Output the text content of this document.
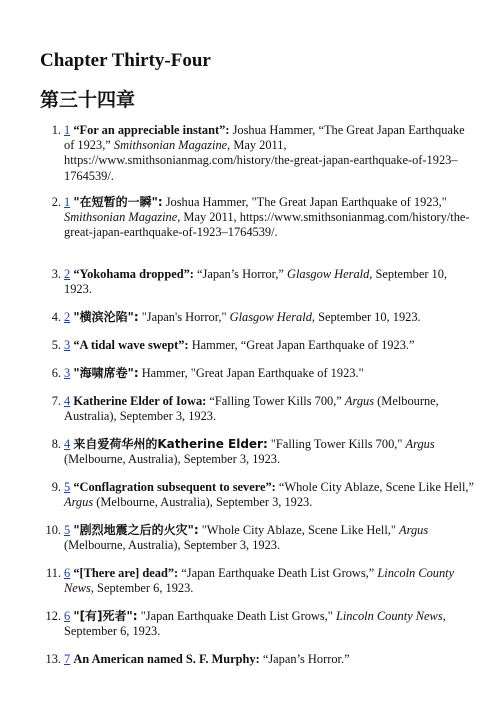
Chapter Thirty-Four
第三十四章
1. 1 “For an appreciable instant”: Joshua Hammer, “The Great Japan Earthquake of 1923,” Smithsonian Magazine, May 2011, https://www.smithsonianmag.com/history/the-great-japan-earthquake-of-1923–1764539/.
2. 1 "在短暂的一瞬": Joshua Hammer, "The Great Japan Earthquake of 1923," Smithsonian Magazine, May 2011, https://www.smithsonianmag.com/history/the-great-japan-earthquake-of-1923–1764539/.
3. 2 “Yokohama dropped”: “Japan’s Horror,” Glasgow Herald, September 10, 1923.
4. 2 "横滨沦陷": "Japan's Horror," Glasgow Herald, September 10, 1923.
5. 3 “A tidal wave swept”: Hammer, “Great Japan Earthquake of 1923.”
6. 3 "海啸席卷": Hammer, "Great Japan Earthquake of 1923."
7. 4 Katherine Elder of Iowa: “Falling Tower Kills 700,” Argus (Melbourne, Australia), September 3, 1923.
8. 4 来自爱荷华州的Katherine Elder: "Falling Tower Kills 700," Argus (Melbourne, Australia), September 3, 1923.
9. 5 “Conflagration subsequent to severe”: “Whole City Ablaze, Scene Like Hell,” Argus (Melbourne, Australia), September 3, 1923.
10. 5 "剧烈地震之后的火灾": "Whole City Ablaze, Scene Like Hell," Argus (Melbourne, Australia), September 3, 1923.
11. 6 “[There are] dead”: “Japan Earthquake Death List Grows,” Lincoln County News, September 6, 1923.
12. 6 "[有]死者": "Japan Earthquake Death List Grows," Lincoln County News, September 6, 1923.
13. 7 An American named S. F. Murphy: “Japan’s Horror.”
